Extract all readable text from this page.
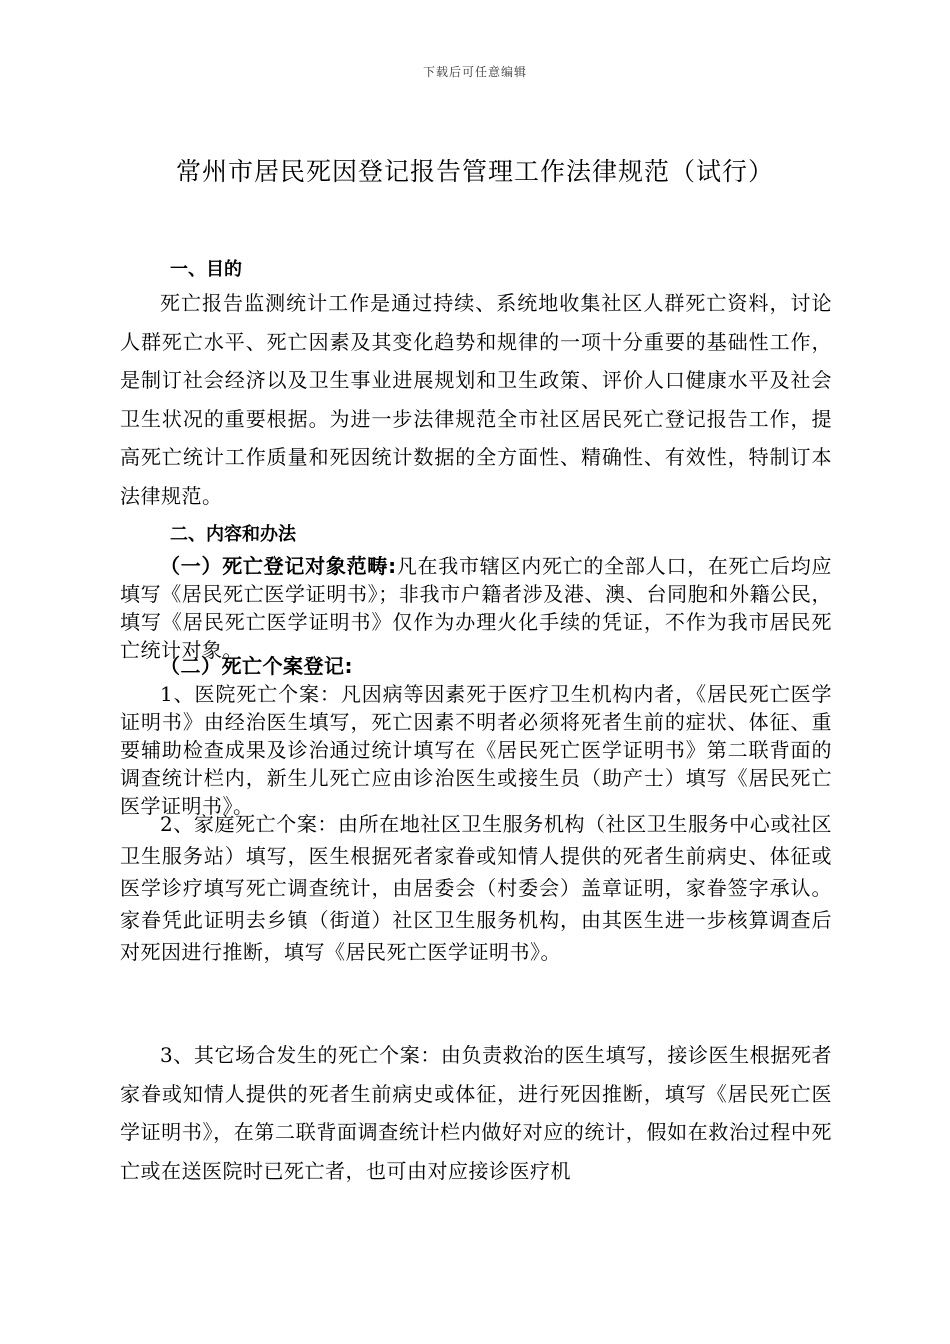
下载后可任意编辑
常州市居民死因登记报告管理工作法律规范（试行）
一、目的

死亡报告监测统计工作是通过持续、系统地收集社区人群死亡资料，讨论人群死亡水平、死亡因素及其变化趋势和规律的一项十分重要的基础性工作，是制订社会经济以及卫生事业进展规划和卫生政策、评价人口健康水平及社会卫生状况的重要根据。为进一步法律规范全市社区居民死亡登记报告工作，提高死亡统计工作质量和死因统计数据的全方面性、精确性、有效性，特制订本法律规范。

二、内容和办法

（一）死亡登记对象范畴:凡在我市辖区内死亡的全部人口，在死亡后均应填写《居民死亡医学证明书》；非我市户籍者涉及港、澳、台同胞和外籍公民，填写《居民死亡医学证明书》仅作为办理火化手续的凭证，不作为我市居民死亡统计对象。

（二）死亡个案登记:

1、医院死亡个案：凡因病等因素死于医疗卫生机构内者，《居民死亡医学证明书》由经治医生填写，死亡因素不明者必须将死者生前的症状、体征、重要辅助检查成果及诊治通过统计填写在《居民死亡医学证明书》第二联背面的调查统计栏内，新生儿死亡应由诊治医生或接生员（助产士）填写《居民死亡医学证明书》。

2、家庭死亡个案：由所在地社区卫生服务机构（社区卫生服务中心或社区卫生服务站）填写，医生根据死者家眷或知情人提供的死者生前病史、体征或医学诊疗填写死亡调查统计，由居委会（村委会）盖章证明，家眷签字承认。家眷凭此证明去乡镇（街道）社区卫生服务机构，由其医生进一步核算调查后对死因进行推断，填写《居民死亡医学证明书》。

3、其它场合发生的死亡个案：由负责救治的医生填写，接诊医生根据死者家眷或知情人提供的死者生前病史或体征，进行死因推断，填写《居民死亡医学证明书》，在第二联背面调查统计栏内做好对应的统计，假如在救治过程中死亡或在送医院时已死亡者，也可由对应接诊医疗机
